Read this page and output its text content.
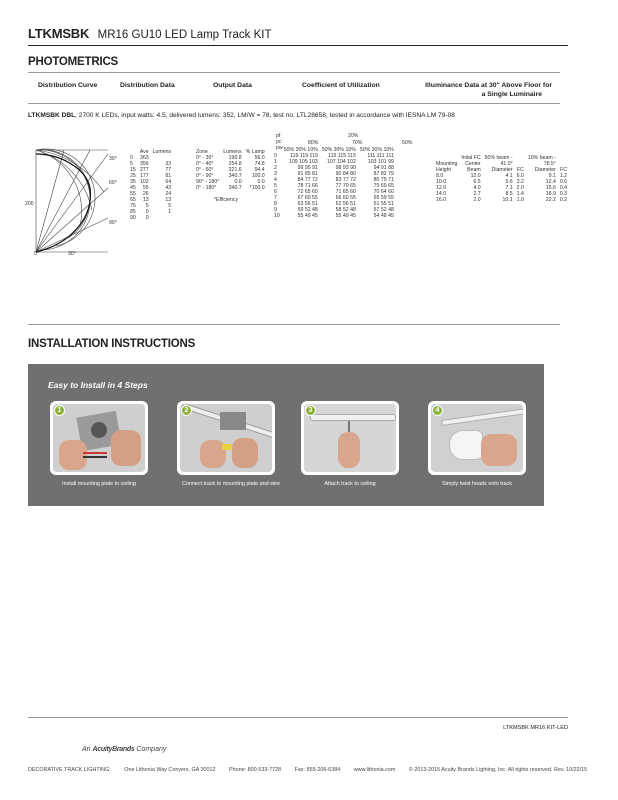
LTKMSBK MR16 GU10 LED Lamp Track KIT
PHOTOMETRICS
Distribution Curve	Distribution Data	Output Data	Coefficient of Utilization	Illuminance Data at 30" Above Floor for
a Single Luminaire
LTKMSBK DBL, 2700 K LEDs, input watts: 4.5, delivered lumens: 352, LM/W = 78, test no. LTL28658, tested in accordance with IESNA LM 79-08
30°
60°
90°
200
0°	30°
	Ave	Lumens
0	363	
5	356	33
15	277	77
25	177	81
35	102	64
45	55	43
55	26	24
65	13	13
75	5	5
85	0	1
90	0	
Zone	Lumens	% Lamp
0° - 30°	190.8	56.0
0° - 40°	254.8	74.8
0° - 60°	321.6	94.4
0° - 90°	340.7	100.0
90° - 180°	0.0	0.0
0° - 180°	340.7	*100.0
*Efficiency
pf
pc
pw
80%
20%
70%	50%
	50% 30% 10%	50% 30% 10%	50% 30% 10%
0	119 119 119	115 115 115	111 111 111
1	109 105 103	107 104 102	103 101 99
2	99 95 91	98 93 90	94 91 88
3	91 85 81	90 84 80	87 82 79
4	84 77 72	83 77 72	80 75 71
5	78 71 66	77 70 65	75 69 65
6	72 65 60	71 65 60	70 64 60
7	67 60 55	66 60 55	65 59 55
8	63 56 51	62 56 51	61 55 51
9	59 52 48	58 52 48	57 52 48
10	55 49 45	55 49 45	54 48 45
	Inital FC	50% beam -		10% beam -	
Mounting	Center	41.0°		78.5°	
Height	Beam	Diameter	FC	Diameter	FC
8.0	12.0	4.1	6.0	9.1	1.2
10.0	6.5	5.6	3.2	12.4	0.6
12.0	4.0	7.1	2.0	15.6	0.4
14.0	2.7	8.5	1.4	18.9	0.3
16.0	2.0	10.1	1.0	22.2	0.2
INSTALLATION INSTRUCTIONS
Easy to Install in 4 Steps
1
Install mounting plate to ceiling
2
Connect track to mounting plate and wire
3
Attach track to ceiling
4
Simply twist heads onto track
LTKMSBK MR16 KIT-LED
An AcuityBrands Company
DECORATIVE TRACK LIGHTING:	One Lithonia Way Conyers, GA 30012	Phone: 800-533-7728	Fax: 855-206-6384	www.lithonia.com	© 2013-2015 Acuity Brands Lighting, Inc. All rights reserved. Rev. 10/22/15
